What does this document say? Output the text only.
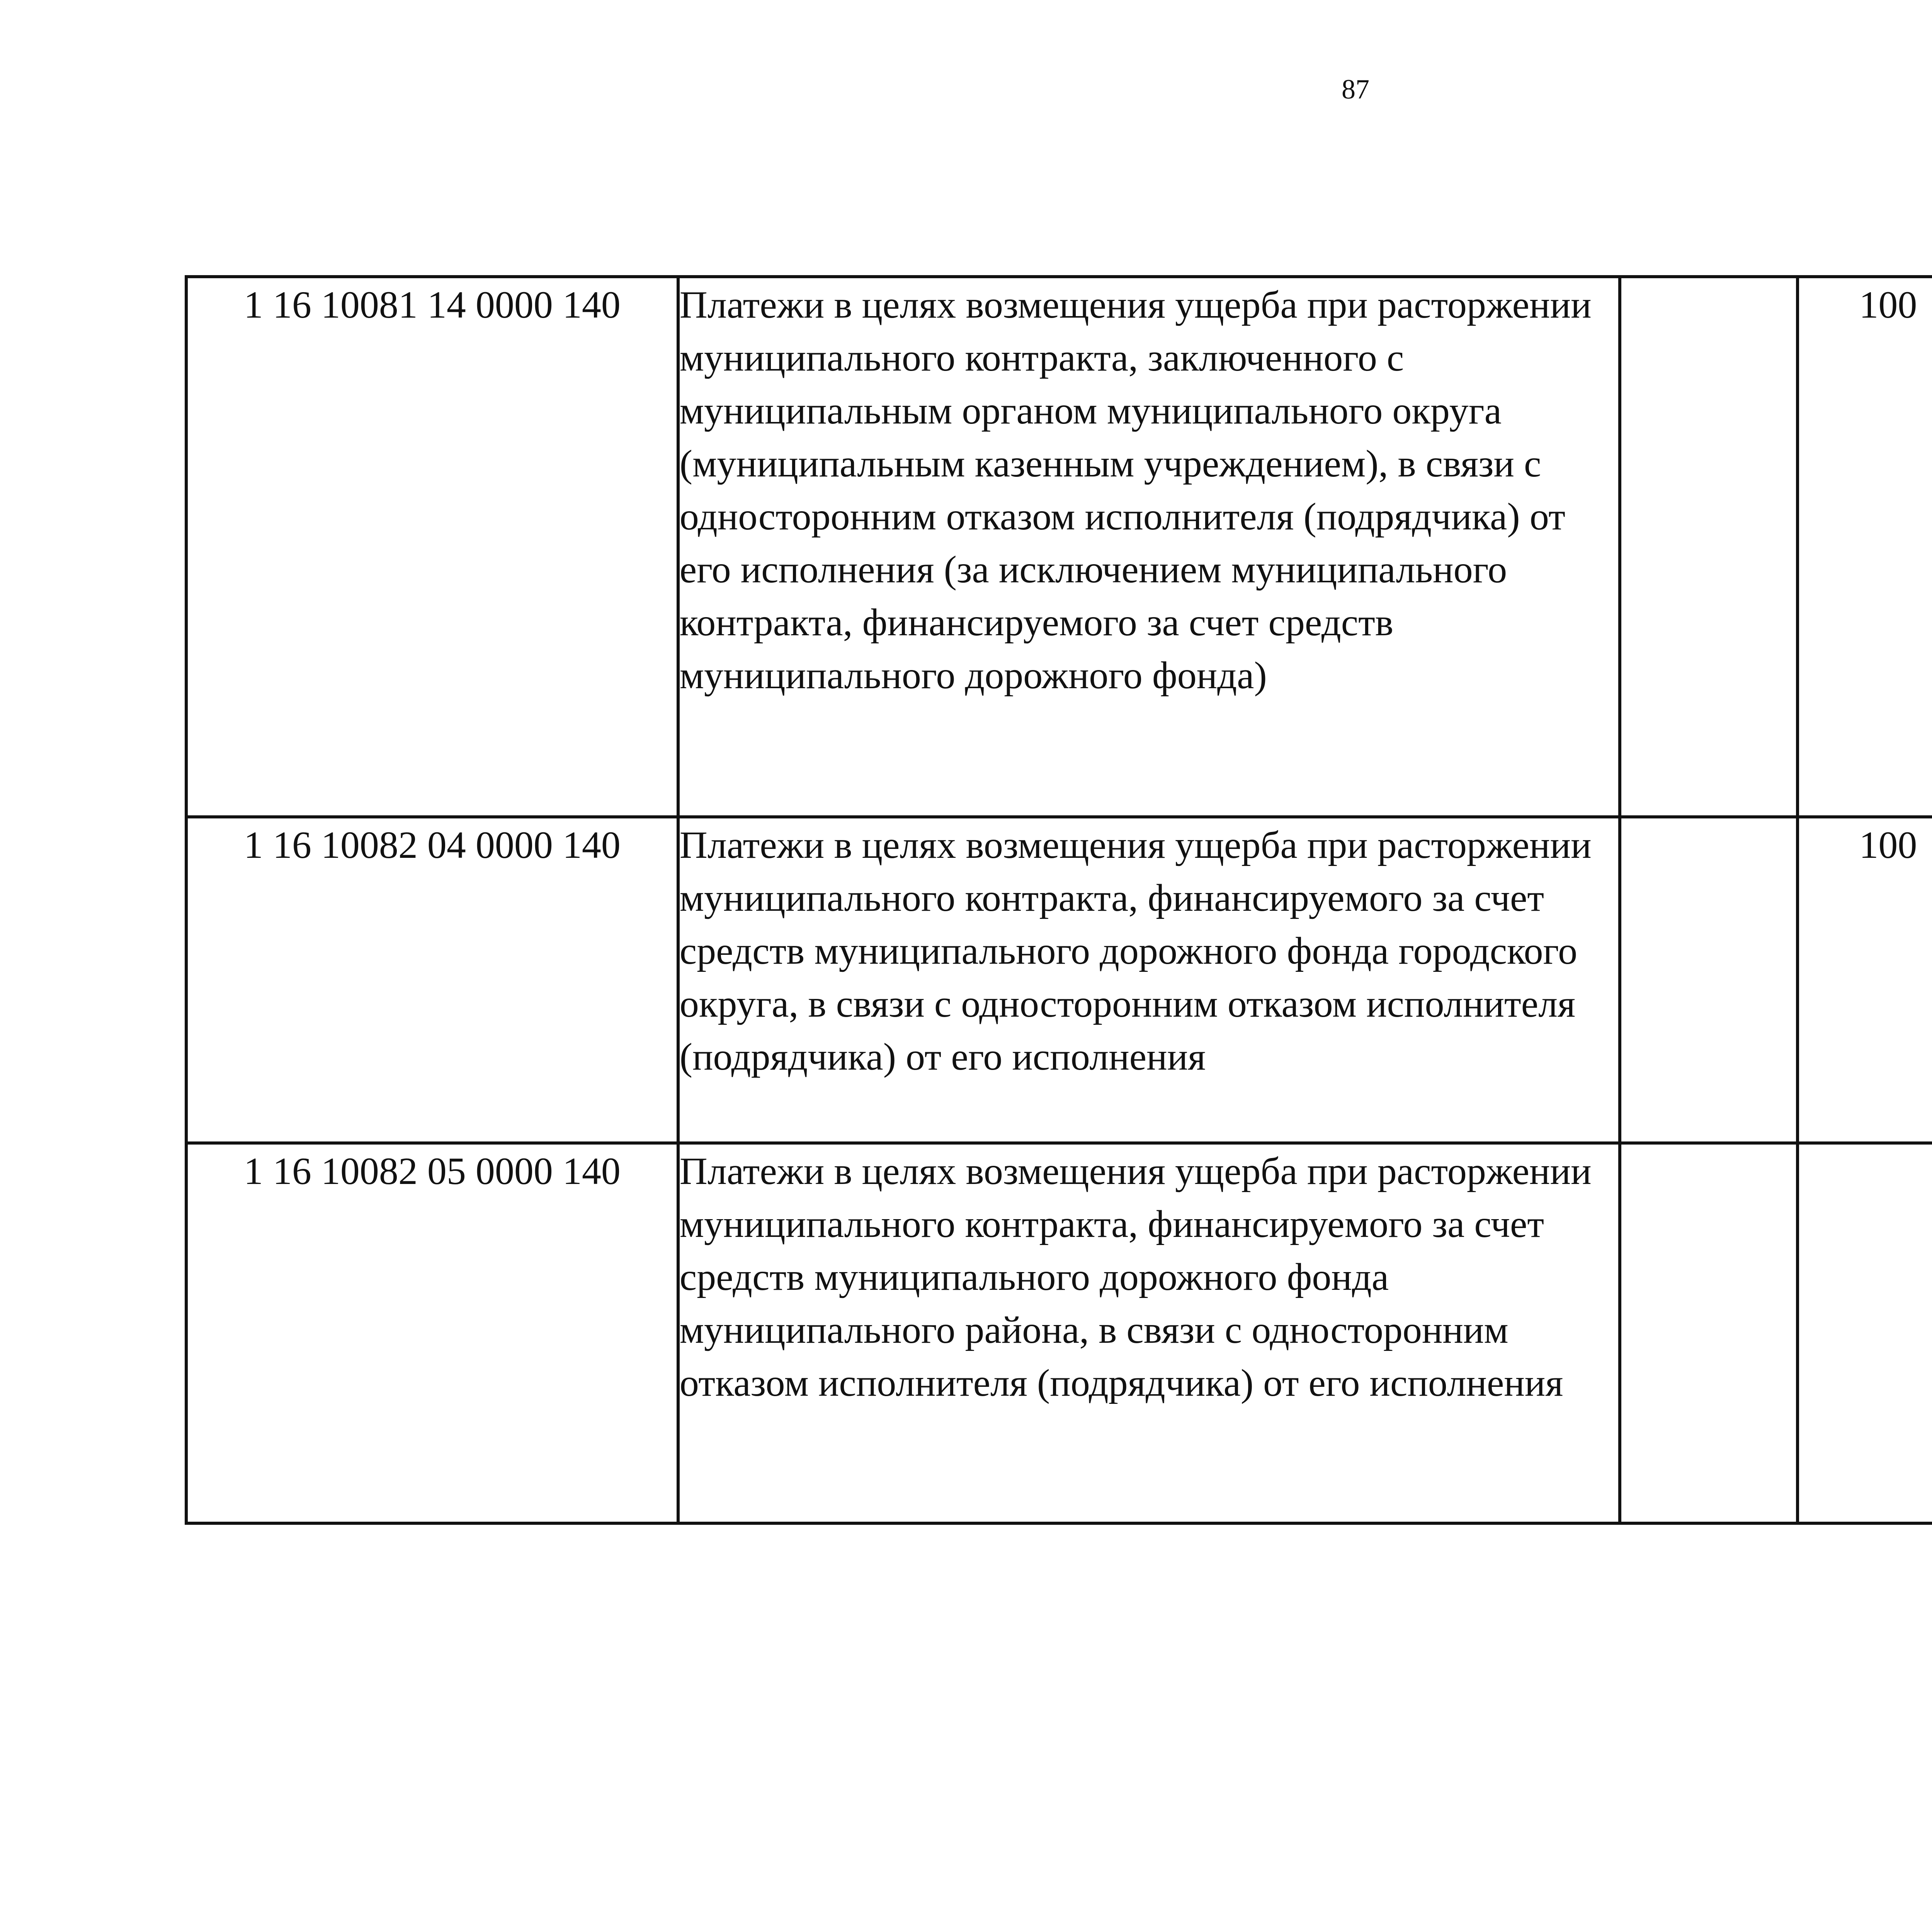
87
1 16 10081 14 0000 140	Платежи в целях возмещения ущерба при расторжении муниципального контракта, заключенного с муниципальным органом муниципального округа (муниципальным казенным учреждением), в связи с односторонним отказом исполнителя (подрядчика) от его исполнения (за исключением муниципального контракта, финансируемого за счет средств муниципального дорожного фонда)		100			
1 16 10082 04 0000 140	Платежи в целях возмещения ущерба при расторжении муниципального контракта, финансируемого за счет средств муниципального дорожного фонда городского округа, в связи с односторонним отказом исполнителя (подрядчика) от его исполнения		100			
1 16 10082 05 0000 140	Платежи в целях возмещения ущерба при расторжении муниципального контракта, финансируемого за счет средств муниципального дорожного фонда муниципального района, в связи с односторонним отказом исполнителя (подрядчика) от его исполнения					
